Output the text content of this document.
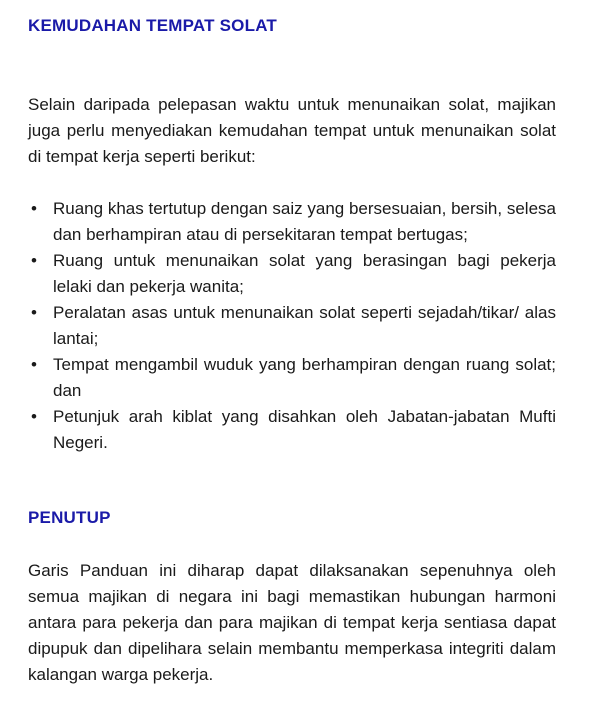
KEMUDAHAN TEMPAT SOLAT

Selain daripada pelepasan waktu untuk menunaikan solat, majikan juga perlu menyediakan kemudahan tempat untuk menunaikan solat di tempat kerja seperti berikut:

• Ruang khas tertutup dengan saiz yang bersesuaian, bersih, selesa dan berhampiran atau di persekitaran tempat bertugas;
• Ruang untuk menunaikan solat yang berasingan bagi pekerja lelaki dan pekerja wanita;
• Peralatan asas untuk menunaikan solat seperti sejadah/tikar/ alas lantai;
• Tempat mengambil wuduk yang berhampiran dengan ruang solat; dan
• Petunjuk arah kiblat yang disahkan oleh Jabatan-jabatan Mufti Negeri.
PENUTUP

Garis Panduan ini diharap dapat dilaksanakan sepenuhnya oleh semua majikan di negara ini bagi memastikan hubungan harmoni antara para pekerja dan para majikan di tempat kerja sentiasa dapat dipupuk dan dipelihara selain membantu memperkasa integriti dalam kalangan warga pekerja.
